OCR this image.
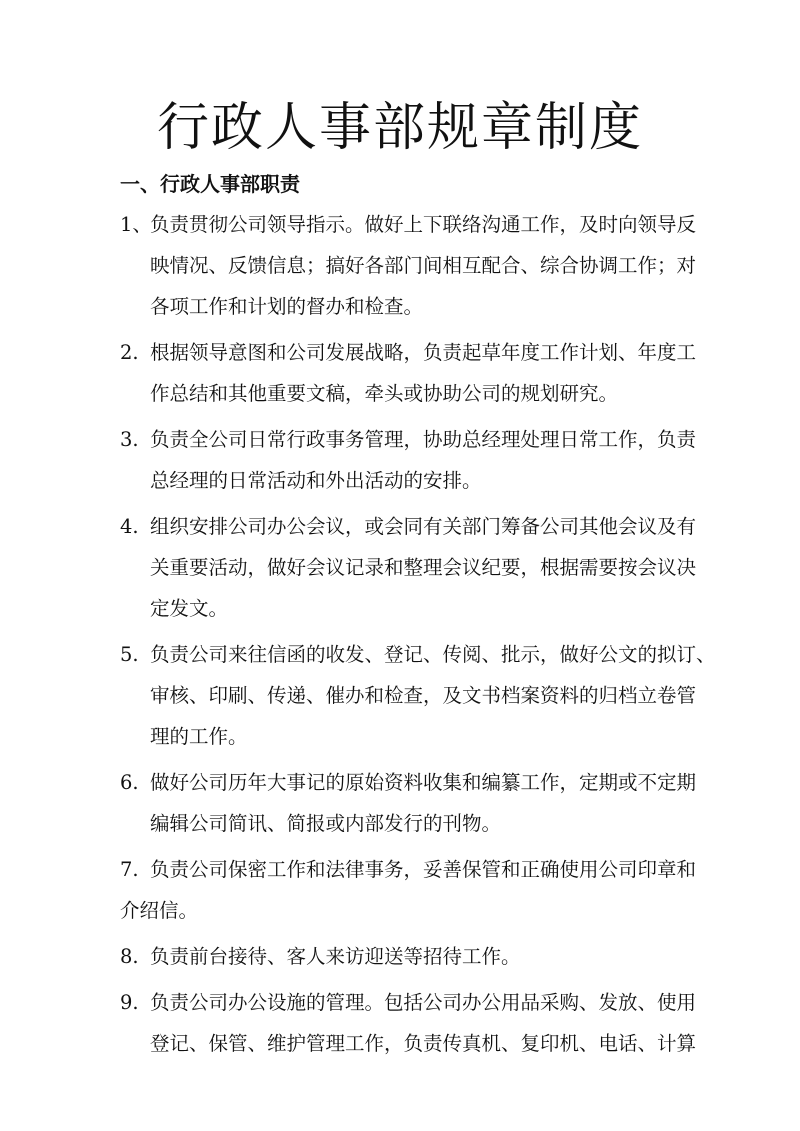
行政人事部规章制度
一、行政人事部职责
1、负责贯彻公司领导指示。做好上下联络沟通工作，及时向领导反
映情况、反馈信息；搞好各部门间相互配合、综合协调工作；对
各项工作和计划的督办和检查。
2. 根据领导意图和公司发展战略，负责起草年度工作计划、年度工
作总结和其他重要文稿，牵头或协助公司的规划研究。
3. 负责全公司日常行政事务管理，协助总经理处理日常工作，负责
总经理的日常活动和外出活动的安排。
4. 组织安排公司办公会议，或会同有关部门筹备公司其他会议及有
关重要活动，做好会议记录和整理会议纪要，根据需要按会议决
定发文。
5. 负责公司来往信函的收发、登记、传阅、批示，做好公文的拟订、
审核、印刷、传递、催办和检查，及文书档案资料的归档立卷管
理的工作。
6. 做好公司历年大事记的原始资料收集和编纂工作，定期或不定期
编辑公司简讯、简报或内部发行的刊物。
7. 负责公司保密工作和法律事务，妥善保管和正确使用公司印章和
介绍信。
8. 负责前台接待、客人来访迎送等招待工作。
9. 负责公司办公设施的管理。包括公司办公用品采购、发放、使用
登记、保管、维护管理工作，负责传真机、复印机、电话、计算
